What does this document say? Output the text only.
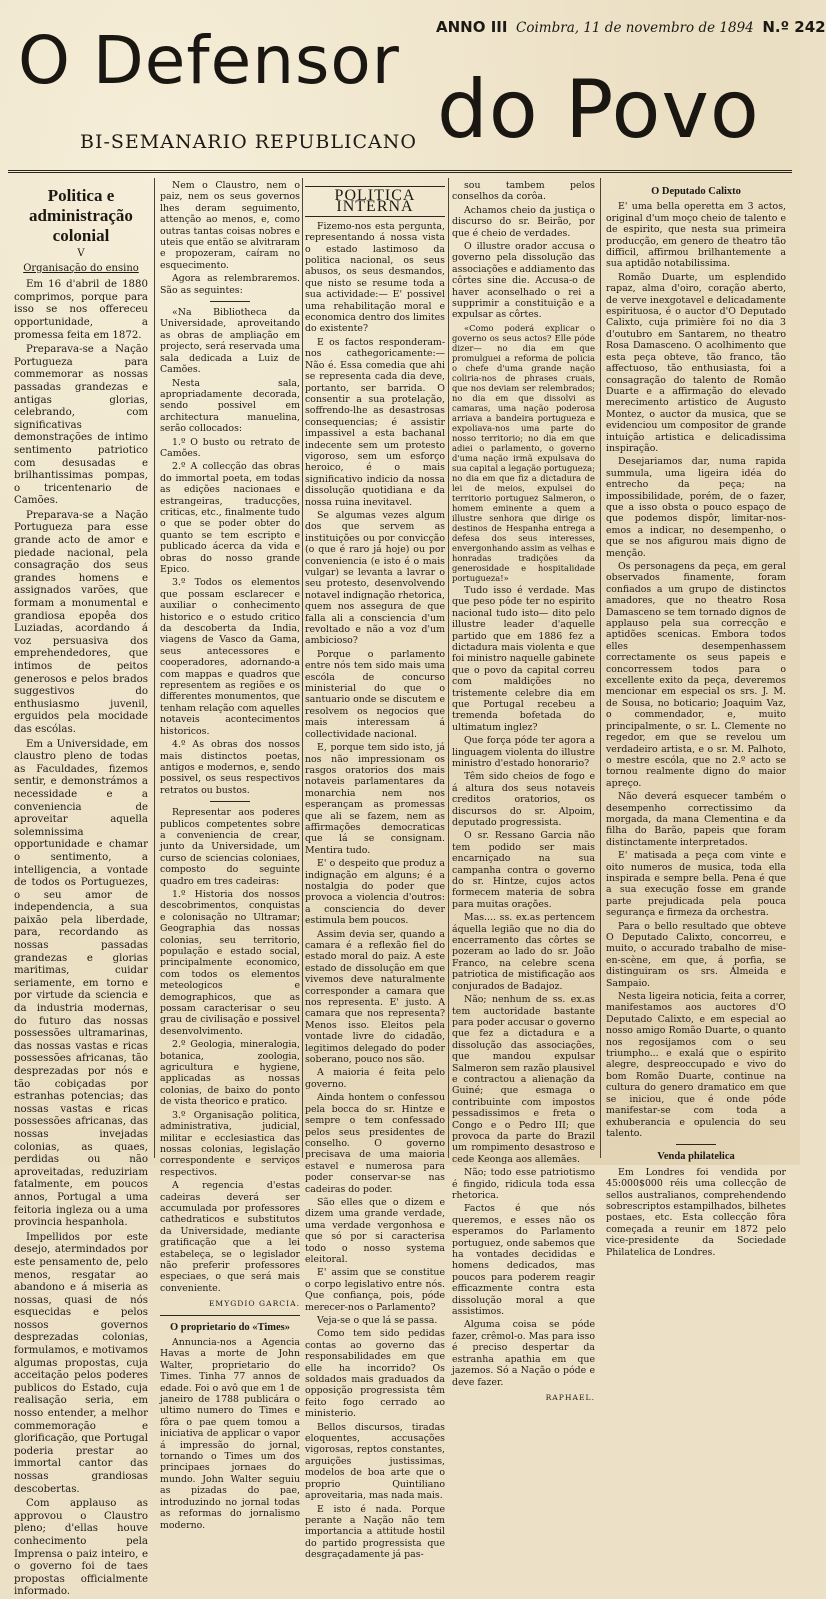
O Defensor ANNO III Coimbra, 11 de novembro de 1894 N.º 242
do Povo
BI-SEMANARIO REPUBLICANO
Politica e administração colonial
V
Organisação do ensino

Em 16 d'abril de 1880 comprimos, porque para isso se nos offereceu opportunidade, a promessa feita em 1872.

Preparava-se a Nação Portugueza para commemorar as nossas passadas grandezas e antigas glorias, celebrando, com significativas demonstrações de intimo sentimento patriotico com desusadas e brilhantissimas pompas, o tricentenario de Camões.

Preparava-se a Nação Portugueza para esse grande acto de amor e piedade nacional, pela consagração dos seus grandes homens e assignados varões, que formam a monumental e grandiosa epopêa dos Luziadas, acordando á voz persuasiva dos emprehendedores, que intimos de peitos generosos e pelos brados suggestivos do enthusiasmo juvenil, erguidos pela mocidade das escólas.

Em a Universidade, em claustro pleno de todas as Faculdades, fizemos sentir, e demonstrámos a necessidade e a conveniencia de aproveitar aquella solemnissima opportunidade e chamar o sentimento, a intelligencia, a vontade de todos os Portuguezes, o seu amor de independencia, a sua paixão pela liberdade, para, recordando as nossas passadas grandezas e glorias maritimas, cuidar seriamente, em torno e por virtude da sciencia e da industria modernas, do futuro das nossas possessões ultramarinas, das nossas vastas e ricas possessões africanas, tão desprezadas por nós e tão cobiçadas por estranhas potencias; das nossas vastas e ricas possessões africanas, das nossas invejadas colonias, as quaes, perdidas ou não aproveitadas, reduziriam fatalmente, em poucos annos, Portugal a uma feitoria ingleza ou a uma provincia hespanhola.

Impellidos por este desejo, atermindados por este pensamento de, pelo menos, resgatar ao abandono e á miseria as nossas, quasi de nós esquecidas e pelos nossos governos desprezadas colonias, formulamos, e motivamos algumas propostas, cuja acceitação pelos poderes publicos do Estado, cuja realisação seria, em nosso entender, a melhor commemoração e glorificação, que Portugal poderia prestar ao immortal cantor das nossas grandiosas descobertas.

Com applauso as approvou o Claustro pleno; d'ellas houve conhecimento pela Imprensa o paiz inteiro, e o governo foi de taes propostas officialmente informado.

Nem o Claustro, nem o paiz, nem os seus governos lhes deram seguimento, attenção ao menos, e, como outras tantas coisas nobres e uteis que então se alvitraram e propozeram, caíram no esquecimento.

Agora as relembraremos. São as seguintes:

«Na Bibliotheca da Universidade, aproveitando as obras de ampliação em projecto, será reservada uma sala dedicada a Luiz de Camões.

Nesta sala, apropriadamente decorada, sendo possivel em architectura manuelina, serão collocados:

1.º O busto ou retrato de Camões.

2.º A collecção das obras do immortal poeta, em todas as edições nacionaes e estrangeiras, traducções, criticas, etc., finalmente tudo o que se poder obter do quanto se tem escripto e publicado ácerca da vida e obras do nosso grande Epico.

3.º Todos os elementos que possam esclarecer e auxiliar o conhecimento historico e o estudo critico da descoberta da India, viagens de Vasco da Gama, seus antecessores e cooperadores, adornando-a com mappas e quadros que representem as regiões e os differentes monumentos, que tenham relação com aquelles notaveis acontecimentos historicos.

4.º As obras dos nossos mais distinctos poetas, antigos e modernos, e, sendo possivel, os seus respectivos retratos ou bustos.

Representar aos poderes publicos competentes sobre a conveniencia de crear, junto da Universidade, um curso de sciencias coloniaes, composto do seguinte quadro em tres cadeiras:

1.º Historia dos nossos descobrimentos, conquistas e colonisação no Ultramar; Geographia das nossas colonias, seu territorio, população e estado social, principalmente economico, com todos os elementos meteologicos e demographicos, que as possam caracterisar o seu grau de civilisação e possivel desenvolvimento.

2.º Geologia, mineralogia, botanica, zoologia, agricultura e hygiene, applicadas as nossas colonias, de baixo do ponto de vista theorico e pratico.

3.º Organisação politica, administrativa, judicial, militar e ecclesiastica das nossas colonias, legislação correspondente e serviços respectivos.

A regencia d'estas cadeiras deverá ser accumulada por professores cathedraticos e substitutos da Universidade, mediante gratificação que a lei estabeleça, se o legislador não preferir professores especiaes, o que será mais conveniente.

EMYGDIO GARCIA.
O proprietario do «Times»

Annuncia-nos a Agencia Havas a morte de John Walter, proprietario do Times. Tinha 77 annos de edade. Foi o avô que em 1 de janeiro de 1788 publicára o ultimo numero do Times e fôra o pae quem tomou a iniciativa de applicar o vapor á impressão do jornal, tornando o Times um dos principaes jornaes do mundo. John Walter seguiu as pizadas do pae, introduzindo no jornal todas as reformas do jornalismo moderno.

POLITICA INTERNA

Fizemo-nos esta pergunta, representando á nossa vista o estado lastimoso da politica nacional, os seus abusos, os seus desmandos, que nisto se resume toda a sua actividade:— E' possivel uma rehabilitação moral e economica dentro dos limites do existente?

E os factos responderam-nos cathegoricamente:— Não é. Essa comedia que ahi se representa cada dia deve, portanto, ser barrida. O consentir a sua protelação, soffrendo-lhe as desastrosas consequencias; é assistir impassivel a esta bachanal indecente sem um protesto vigoroso, sem um esforço heroico, é o mais significativo indicio da nossa dissolução quotidiana e da nossa ruina inevitavel.

Se algumas vezes algum dos que servem as instituições ou por convicção (o que é raro já hoje) ou por conveniencia (e isto é o mais vulgar) se levanta a lavrar o seu protesto, desenvolvendo notavel indignação rhetorica, quem nos assegura de que falla ali a consciencia d'um revoltado e não a voz d'um ambicioso?

Porque o parlamento entre nós tem sido mais uma escóla de concurso ministerial do que o santuario onde se discutem e resolvem os negocios que mais interessam á collectividade nacional.

E, porque tem sido isto, já nos não impressionam os rasgos oratorios dos mais notaveis parlamentares da monarchia nem nos esperançam as promessas que ali se fazem, nem as affirmações democraticas que lá se consignam. Mentira tudo.

E' o despeito que produz a indignação em alguns; é a nostalgia do poder que provoca a violencia d'outros: a consciencia do dever estimula bem poucos.

Assim devia ser, quando a camara é a reflexão fiel do estado moral do paiz. A este estado de dissolução em que vivemos deve naturalmente corresponder a camara que nos representa. E' justo. A camara que nos representa? Menos isso. Eleitos pela vontade livre do cidadão, legitimos delegado do poder soberano, pouco nos são.

A maioria é feita pelo governo.

Ainda hontem o confessou pela bocca do sr. Hintze e sempre o tem confessado pelos seus presidentes de conselho. O governo precisava de uma maioria estavel e numerosa para poder conservar-se nas cadeiras do poder.

São elles que o dizem e dizem uma grande verdade, uma verdade vergonhosa e que só por si caracterisa todo o nosso systema eleitoral.

E' assim que se constitue o corpo legislativo entre nós. Que confiança, pois, póde merecer-nos o Parlamento?

Veja-se o que lá se passa.

Como tem sido pedidas contas ao governo das responsabilidades em que elle ha incorrido? Os soldados mais graduados da opposição progressista têm feito fogo cerrado ao ministerio.

Bellos discursos, tiradas eloquentes, accusações vigorosas, reptos constantes, arguições justissimas, modelos de boa arte que o proprio Quintiliano aproveitaria, mas nada mais.

E isto é nada. Porque perante a Nação não tem importancia a attitude hostil do partido progressista que desgraçadamente já pas-

sou tambem pelos conselhos da corôa.

Achamos cheio da justiça o discurso do sr. Beirão, por que é cheio de verdades.

O illustre orador accusa o governo pela dissolução das associações e addiamento das côrtes sine die. Accusa-o de haver aconselhado o rei a supprimir a constituição e a expulsar as côrtes.

«Como poderá explicar o governo os seus actos? Elle póde dizer— no dia em que promulguei a reforma de policia o chefe d'uma grande nação coliria-nos de phrases cruais, que nos deviam ser relembrados; no dia em que dissolvi as camaras, uma nação poderosa arriava a bandeira portugueza e expoliava-nos uma parte do nosso territorio; no dia em que adiei o parlamento, o governo d'uma nação irmã expulsava do sua capital a legação portugueza; no dia em que fiz a dictadura de lei de meios, expulsei do territorio portuguez Salmeron, o homem eminente a quem a illustre senhora que dirige os destinos de Hespanha entrega a defesa dos seus interesses, envergonhando assim as velhas e honradas tradições da generosidade e hospitalidade portugueza!»

Tudo isso é verdade. Mas que peso póde ter no espirito nacional tudo isto— dito pelo illustre leader d'aquelle partido que em 1886 fez a dictadura mais violenta e que foi ministro naquelle gabinete que o povo da capital correu com maldições no tristemente celebre dia em que Portugal recebeu a tremenda bofetada do ultimatum inglez?

Que força póde ter agora a linguagem violenta do illustre ministro d'estado honorario?

Têm sido cheios de fogo e á altura dos seus notaveis creditos oratorios, os discursos do sr. Alpoim, deputado progressista.

O sr. Ressano Garcia não tem podido ser mais encarniçado na sua campanha contra o governo do sr. Hintze, cujos actos formecem materia de sobra para muitas orações.

Mas.... ss. ex.as pertencem áquella legião que no dia do encerramento das côrtes se pozeram ao lado do sr. João Franco, na celebre scena patriotica de mistificação aos conjurados de Badajoz.

Não; nenhum de ss. ex.as tem auctoridade bastante para poder accusar o governo que fez a dictadura e a dissolução das associações, que mandou expulsar Salmeron sem razão plausivel e contractou a alienação da Guiné; que esmaga o contribuinte com impostos pessadissimos e freta o Congo e o Pedro III; que provoca da parte do Brazil um rompimento desastroso e cede Keonga aos allemães.

Não; todo esse patriotismo é fingido, ridicula toda essa rhetorica.

Factos é que nós queremos, e esses não os esperamos do Parlamento portuguez, onde sabemos que ha vontades decididas e homens dedicados, mas poucos para poderem reagir efficazmente contra esta dissolução moral a que assistimos.

Alguma coisa se póde fazer, crêmol-o. Mas para isso é preciso despertar da estranha apathia em que jazemos. Só a Nação o póde e deve fazer.

RAPHAEL.
O Deputado Calixto

E' uma bella operetta em 3 actos, original d'um moço cheio de talento e de espirito, que nesta sua primeira producção, em genero de theatro tão difficil, affirmou brilhantemente a sua aptidão notabilissima.

Romão Duarte, um esplendido rapaz, alma d'oiro, coração aberto, de verve inexgotavel e delicadamente espirituosa, é o auctor d'O Deputado Calixto, cuja primière foi no dia 3 d'outubro em Santarem, no theatro Rosa Damasceno. O acolhimento que esta peça obteve, tão franco, tão affectuoso, tão enthusiasta, foi a consagração do talento de Romão Duarte e a affirmação do elevado merecimento artistico de Augusto Montez, o auctor da musica, que se evidenciou um compositor de grande intuição artistica e delicadissima inspiração.

Desejariamos dar, numa rapida summula, uma ligeira idéa do entrecho da peça; na impossibilidade, porém, de o fazer, que a isso obsta o pouco espaço de que podemos dispôr, limitar-nos-emos a indicar, no desempenho, o que se nos afigurou mais digno de menção.

Os personagens da peça, em geral observados finamente, foram confiados a um grupo de distinctos amadores, que no theatro Rosa Damasceno se tem tornado dignos de applauso pela sua correcção e aptidões scenicas. Embora todos elles desempenhassem correctamente os seus papeis e concorressem todos para o excellente exito da peça, deveremos mencionar em especial os srs. J. M. de Sousa, no boticario; Joaquim Vaz, o commendador, e, muito principalmente, o sr. L. Clemente no regedor, em que se revelou um verdadeiro artista, e o sr. M. Palhoto, o mestre escóla, que no 2.º acto se tornou realmente digno do maior apreço.

Não deverá esquecer também o desempenho correctissimo da morgada, da mana Clementina e da filha do Barão, papeis que foram distinctamente interpretados.

E' matisada a peça com vinte e oito numeros de musica, toda ella inspirada e sempre bella. Pena é que a sua execução fosse em grande parte prejudicada pela pouca segurança e firmeza da orchestra.

Para o bello resultado que obteve O Deputado Calixto, concorreu, e muito, o accurado trabalho de mise-en-scène, em que, á porfia, se distinguiram os srs. Álmeida e Sampaio.

Nesta ligeira noticia, feita a correr, manifestamos aos auctores d'O Deputado Calixto, e em especial ao nosso amigo Romão Duarte, o quanto nos regosijamos com o seu triumpho... e exalá que o espirito alegre, despreoccupado e vivo do bom Romão Duarte, continue na cultura do genero dramatico em que se iniciou, que é onde póde manifestar-se com toda a exhuberancia e opulencia do seu talento.

Venda philatelica

Em Londres foi vendida por 45:000$000 réis uma collecção de sellos australianos, comprehendendo sobrescriptos estampilhados, bilhetes postaes, etc. Esta collecção fôra começada a reunir em 1872 pelo vice-presidente da Sociedade Philatelica de Londres.
